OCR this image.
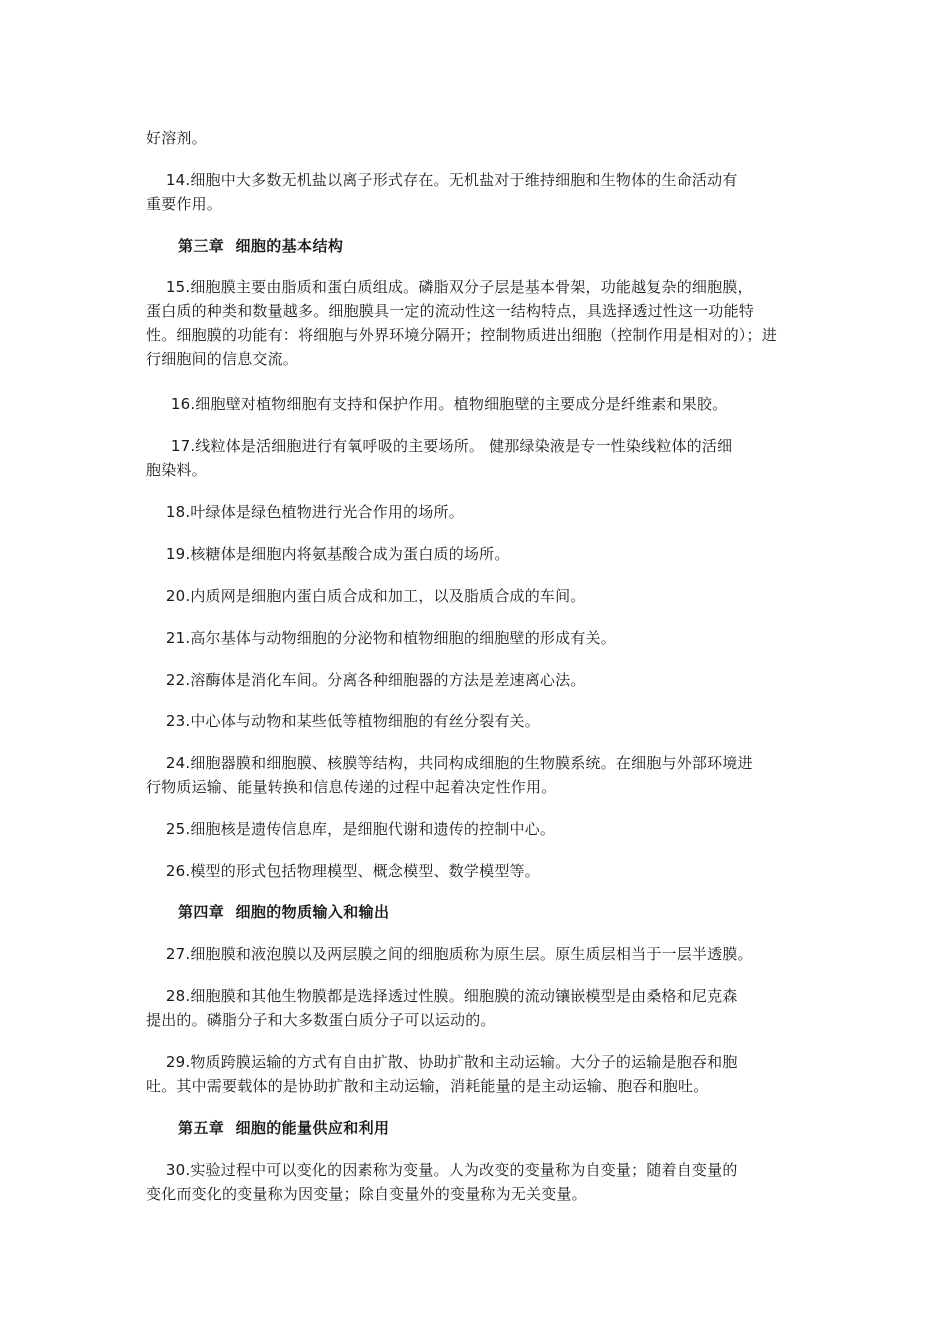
好溶剂。

14.细胞中大多数无机盐以离子形式存在。无机盐对于维持细胞和生物体的生命活动有
重要作用。

第三章  细胞的基本结构

15.细胞膜主要由脂质和蛋白质组成。磷脂双分子层是基本骨架，功能越复杂的细胞膜，
蛋白质的种类和数量越多。细胞膜具一定的流动性这一结构特点，具选择透过性这一功能特
性。细胞膜的功能有：将细胞与外界环境分隔开；控制物质进出细胞（控制作用是相对的）；进
行细胞间的信息交流。

16.细胞壁对植物细胞有支持和保护作用。植物细胞壁的主要成分是纤维素和果胶。

17.线粒体是活细胞进行有氧呼吸的主要场所。 健那绿染液是专一性染线粒体的活细
胞染料。

18.叶绿体是绿色植物进行光合作用的场所。

19.核糖体是细胞内将氨基酸合成为蛋白质的场所。

20.内质网是细胞内蛋白质合成和加工，以及脂质合成的车间。

21.高尔基体与动物细胞的分泌物和植物细胞的细胞壁的形成有关。

22.溶酶体是消化车间。分离各种细胞器的方法是差速离心法。

23.中心体与动物和某些低等植物细胞的有丝分裂有关。

24.细胞器膜和细胞膜、核膜等结构，共同构成细胞的生物膜系统。在细胞与外部环境进
行物质运输、能量转换和信息传递的过程中起着决定性作用。

25.细胞核是遗传信息库，是细胞代谢和遗传的控制中心。

26.模型的形式包括物理模型、概念模型、数学模型等。

第四章  细胞的物质输入和输出

27.细胞膜和液泡膜以及两层膜之间的细胞质称为原生层。原生质层相当于一层半透膜。

28.细胞膜和其他生物膜都是选择透过性膜。细胞膜的流动镶嵌模型是由桑格和尼克森
提出的。磷脂分子和大多数蛋白质分子可以运动的。

29.物质跨膜运输的方式有自由扩散、协助扩散和主动运输。大分子的运输是胞吞和胞
吐。其中需要载体的是协助扩散和主动运输，消耗能量的是主动运输、胞吞和胞吐。

第五章  细胞的能量供应和利用

30.实验过程中可以变化的因素称为变量。人为改变的变量称为自变量；随着自变量的
变化而变化的变量称为因变量；除自变量外的变量称为无关变量。
